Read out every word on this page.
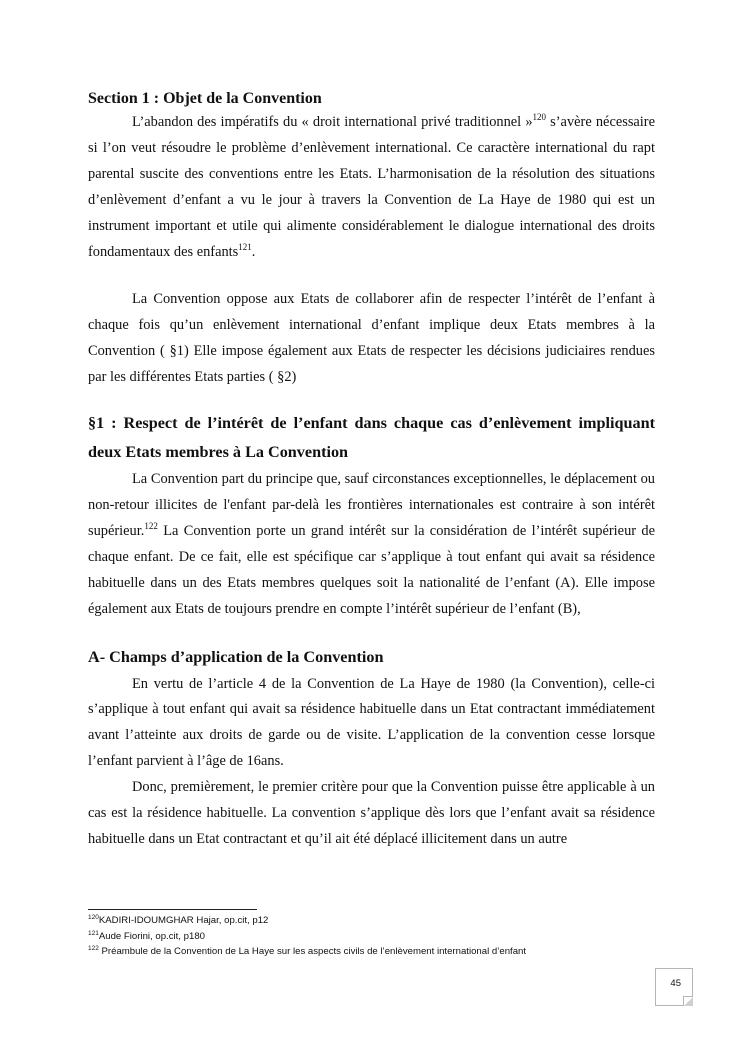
Section 1 : Objet de la Convention

L’abandon des impératifs du « droit international privé traditionnel »$^{120}$ s’avère nécessaire si l’on veut résoudre le problème d’enlèvement international. Ce caractère international du rapt parental suscite des conventions entre les Etats. L’harmonisation de la résolution des situations d’enlèvement d’enfant a vu le jour à travers la Convention de La Haye de 1980 qui est un instrument important et utile qui alimente considérablement le dialogue international des droits fondamentaux des enfants$^{121}$.

La Convention oppose aux Etats de collaborer afin de respecter l’intérêt de l’enfant à chaque fois qu’un enlèvement international d’enfant implique deux Etats membres à la Convention ( §1) Elle impose également aux Etats de respecter les décisions judiciaires rendues par les différentes Etats parties ( §2)

§1 : Respect de l’intérêt de l’enfant dans chaque cas d’enlèvement impliquant deux Etats membres à La Convention

La Convention part du principe que, sauf circonstances exceptionnelles, le déplacement ou non-retour illicites de l'enfant par-delà les frontières internationales est contraire à son intérêt supérieur.$^{122}$ La Convention porte un grand intérêt sur la considération de l’intérêt supérieur de chaque enfant. De ce fait, elle est spécifique car s’applique à tout enfant qui avait sa résidence habituelle dans un des Etats membres quelques soit la nationalité de l’enfant (A). Elle impose également aux Etats de toujours prendre en compte l’intérêt supérieur de l’enfant (B),

A- Champs d’application de la Convention

En vertu de l’article 4 de la Convention de La Haye de 1980 (la Convention), celle-ci s’applique à tout enfant qui avait sa résidence habituelle dans un Etat contractant immédiatement avant l’atteinte aux droits de garde ou de visite. L’application de la convention cesse lorsque l’enfant parvient à l’âge de 16ans.

Donc, premièrement, le premier critère pour que la Convention puisse être applicable à un cas est la résidence habituelle. La convention s’applique dès lors que l’enfant avait sa résidence habituelle dans un Etat contractant et qu’il ait été déplacé illicitement dans un autre

$^{120}$KADIRI-IDOUMGHAR Hajar, op.cit, p12
$^{121}$Aude Fiorini, op.cit, p180
$^{122}$ Préambule de la Convention de La Haye sur les aspects civils de l’enlèvement international d’enfant
45
